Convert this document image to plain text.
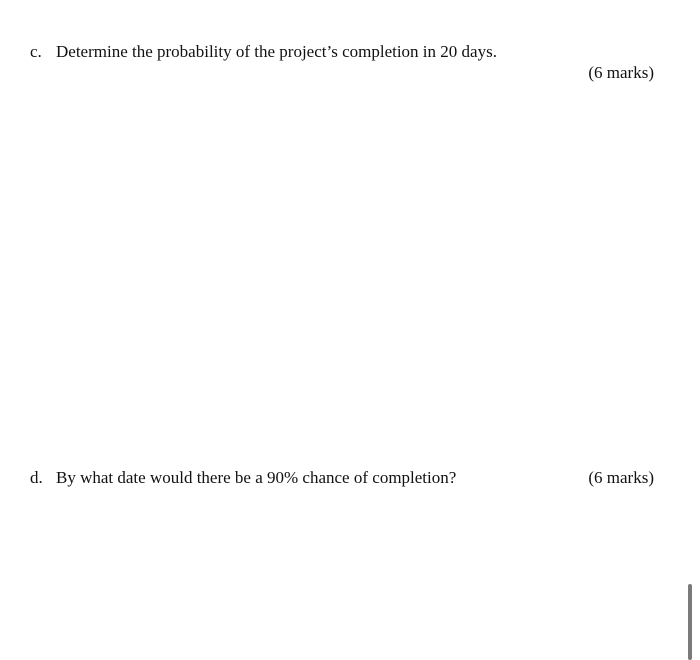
c. Determine the probability of the project’s completion in 20 days.
(6 marks)
d. By what date would there be a 90% chance of completion?	(6 marks)
